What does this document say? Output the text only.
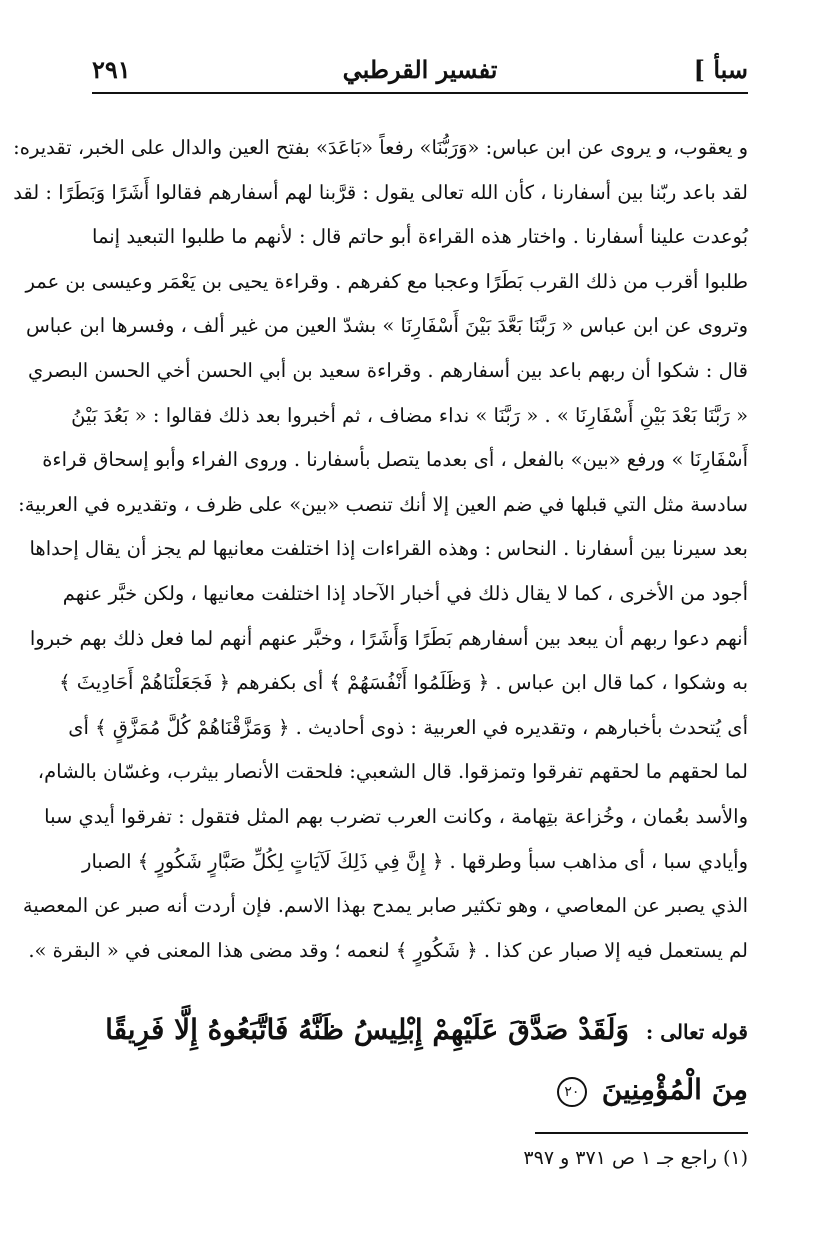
سبأ ]
تفسير القرطبي
٢٩١
و يعقوب، و يروى عن ابن عباس: «وَرَبُّنَا» رفعاً «بَاعَدَ» بفتح العين والدال على الخبر، تقديره:
لقد باعد ربّنا بين أسفارنا ، كأن الله تعالى يقول : قرَّبنا لهم أسفارهم فقالوا أَشَرًا وَبَطَرًا : لقد
بُوعدت علينا أسفارنا . واختار هذه القراءة أبو حاتم قال : لأنهم ما طلبوا التبعيد إنما
طلبوا أقرب من ذلك القرب بَطَرًا وعجبا مع كفرهم . وقراءة يحيى بن يَعْمَر وعيسى بن عمر
وتروى عن ابن عباس « رَبَّنَا بَعَّدَ بَيْنَ أَسْفَارِنَا » بشدّ العين من غير ألف ، وفسرها ابن عباس
قال : شكوا أن ربهم باعد بين أسفارهم . وقراءة سعيد بن أبي الحسن أخي الحسن البصري
« رَبَّنَا بَعْدَ بَيْنِ أَسْفَارِنَا » . « رَبَّنَا » نداء مضاف ، ثم أخبروا بعد ذلك فقالوا : « بَعُدَ بَيْنُ
أَسْفَارِنَا » ورفع «بين» بالفعل ، أى بعدما يتصل بأسفارنا . وروى الفراء وأبو إسحاق قراءة
سادسة مثل التي قبلها في ضم العين إلا أنك تنصب «بين» على ظرف ، وتقديره في العربية:
بعد سيرنا بين أسفارنا . النحاس : وهذه القراءات إذا اختلفت معانيها لم يجز أن يقال إحداها
أجود من الأخرى ، كما لا يقال ذلك في أخبار الآحاد إذا اختلفت معانيها ، ولكن خبَّر عنهم
أنهم دعوا ربهم أن يبعد بين أسفارهم بَطَرًا وَأَشَرًا ، وخبَّر عنهم أنهم لما فعل ذلك بهم خبروا
به وشكوا ، كما قال ابن عباس . ﴿ وَظَلَمُوا أَنْفُسَهُمْ ﴾ أى بكفرهم ﴿ فَجَعَلْنَاهُمْ أَحَادِيثَ ﴾
أى يُتحدث بأخبارهم ، وتقديره في العربية : ذوى أحاديث . ﴿ وَمَزَّقْنَاهُمْ كُلَّ مُمَزَّقٍ ﴾ أى
لما لحقهم ما لحقهم تفرقوا وتمزقوا. قال الشعبي: فلحقت الأنصار بيثرب، وغسّان بالشام،
والأسد بعُمان ، وخُزاعة بتِهامة ، وكانت العرب تضرب بهم المثل فتقول : تفرقوا أيدي سبا
وأيادي سبا ، أى مذاهب سبأ وطرقها . ﴿ إِنَّ فِي ذَلِكَ لَآيَاتٍ لِكُلِّ صَبَّارٍ شَكُورٍ ﴾ الصبار
الذي يصبر عن المعاصي ، وهو تكثير صابر يمدح بهذا الاسم. فإن أردت أنه صبر عن المعصية
لم يستعمل فيه إلا صبار عن كذا . ﴿ شَكُورٍ ﴾ لنعمه ؛ وقد مضى هذا المعنى في « البقرة ».
قوله تعالى : وَلَقَدْ صَدَّقَ عَلَيْهِمْ إِبْلِيسُ ظَنَّهُ فَاتَّبَعُوهُ إِلَّا فَرِيقًا
مِنَ الْمُؤْمِنِينَ ٢٠
(١) راجع جـ ١ ص ٣٧١ و ٣٩٧
